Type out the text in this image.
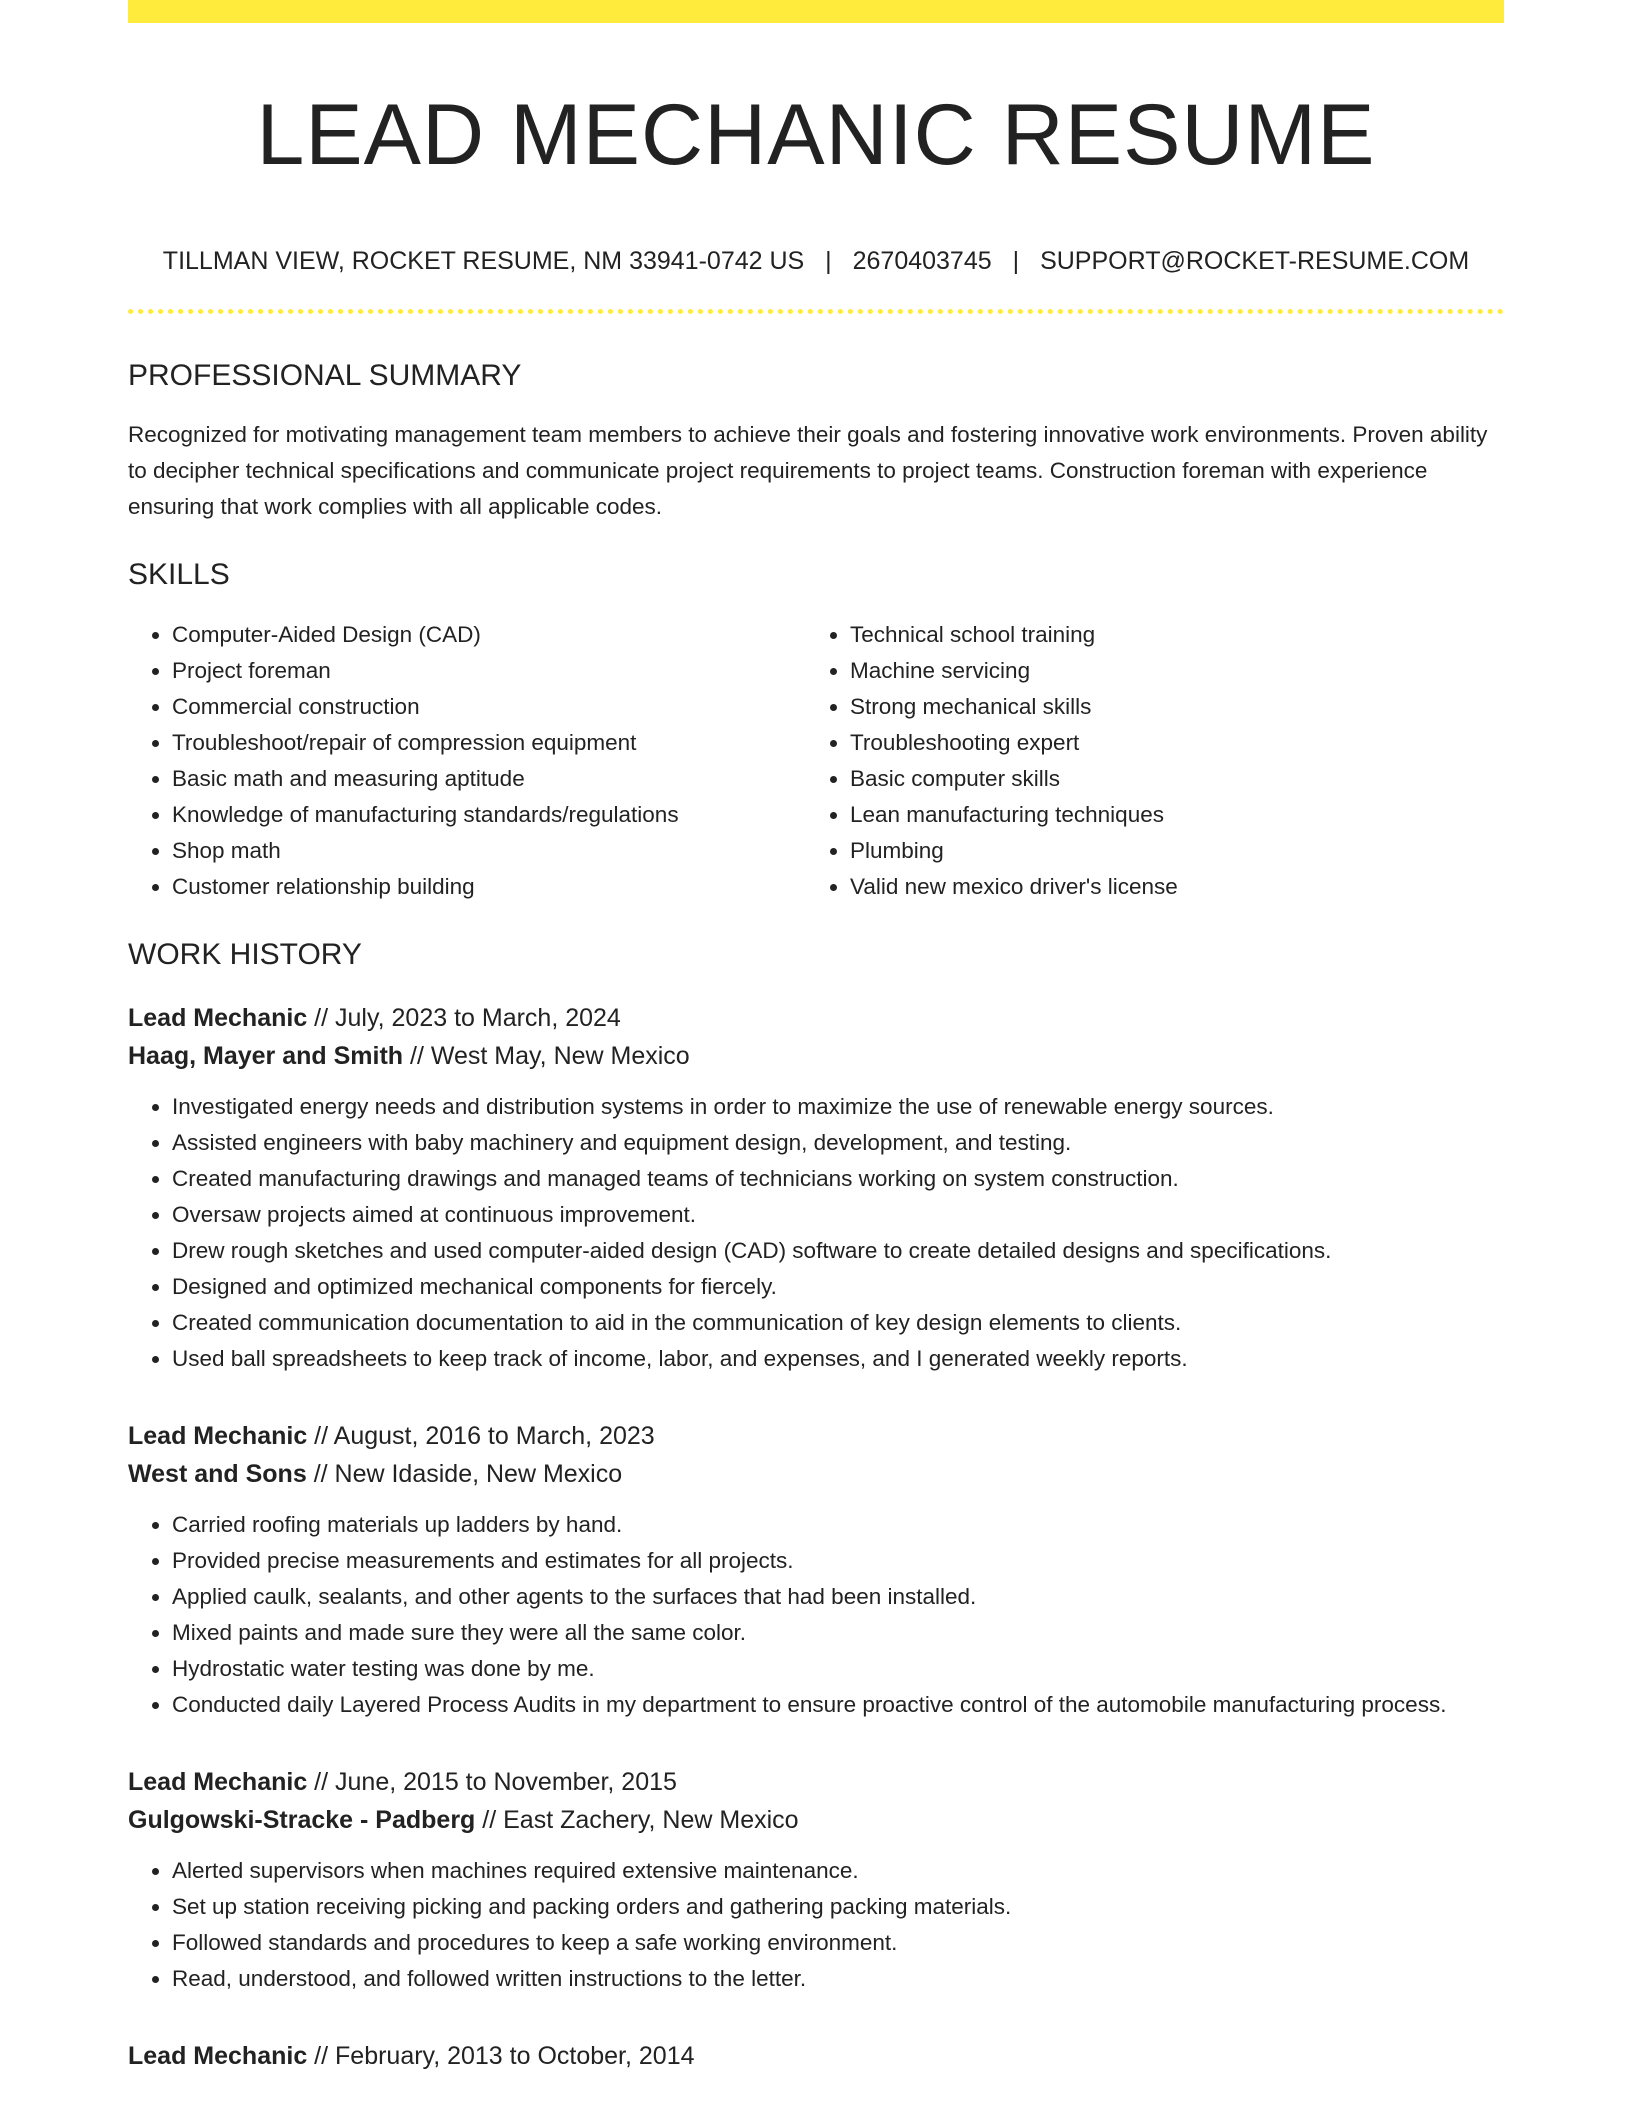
LEAD MECHANIC RESUME
TILLMAN VIEW, ROCKET RESUME, NM 33941-0742 US | 2670403745 | SUPPORT@ROCKET-RESUME.COM
PROFESSIONAL SUMMARY
Recognized for motivating management team members to achieve their goals and fostering innovative work environments. Proven ability to decipher technical specifications and communicate project requirements to project teams. Construction foreman with experience ensuring that work complies with all applicable codes.
SKILLS
• Computer-Aided Design (CAD)
• Project foreman
• Commercial construction
• Troubleshoot/repair of compression equipment
• Basic math and measuring aptitude
• Knowledge of manufacturing standards/regulations
• Shop math
• Customer relationship building
• Technical school training
• Machine servicing
• Strong mechanical skills
• Troubleshooting expert
• Basic computer skills
• Lean manufacturing techniques
• Plumbing
• Valid new mexico driver's license
WORK HISTORY
Lead Mechanic // July, 2023 to March, 2024
Haag, Mayer and Smith // West May, New Mexico
• Investigated energy needs and distribution systems in order to maximize the use of renewable energy sources.
• Assisted engineers with baby machinery and equipment design, development, and testing.
• Created manufacturing drawings and managed teams of technicians working on system construction.
• Oversaw projects aimed at continuous improvement.
• Drew rough sketches and used computer-aided design (CAD) software to create detailed designs and specifications.
• Designed and optimized mechanical components for fiercely.
• Created communication documentation to aid in the communication of key design elements to clients.
• Used ball spreadsheets to keep track of income, labor, and expenses, and I generated weekly reports.
Lead Mechanic // August, 2016 to March, 2023
West and Sons // New Idaside, New Mexico
• Carried roofing materials up ladders by hand.
• Provided precise measurements and estimates for all projects.
• Applied caulk, sealants, and other agents to the surfaces that had been installed.
• Mixed paints and made sure they were all the same color.
• Hydrostatic water testing was done by me.
• Conducted daily Layered Process Audits in my department to ensure proactive control of the automobile manufacturing process.
Lead Mechanic // June, 2015 to November, 2015
Gulgowski-Stracke - Padberg // East Zachery, New Mexico
• Alerted supervisors when machines required extensive maintenance.
• Set up station receiving picking and packing orders and gathering packing materials.
• Followed standards and procedures to keep a safe working environment.
• Read, understood, and followed written instructions to the letter.
Lead Mechanic // February, 2013 to October, 2014
